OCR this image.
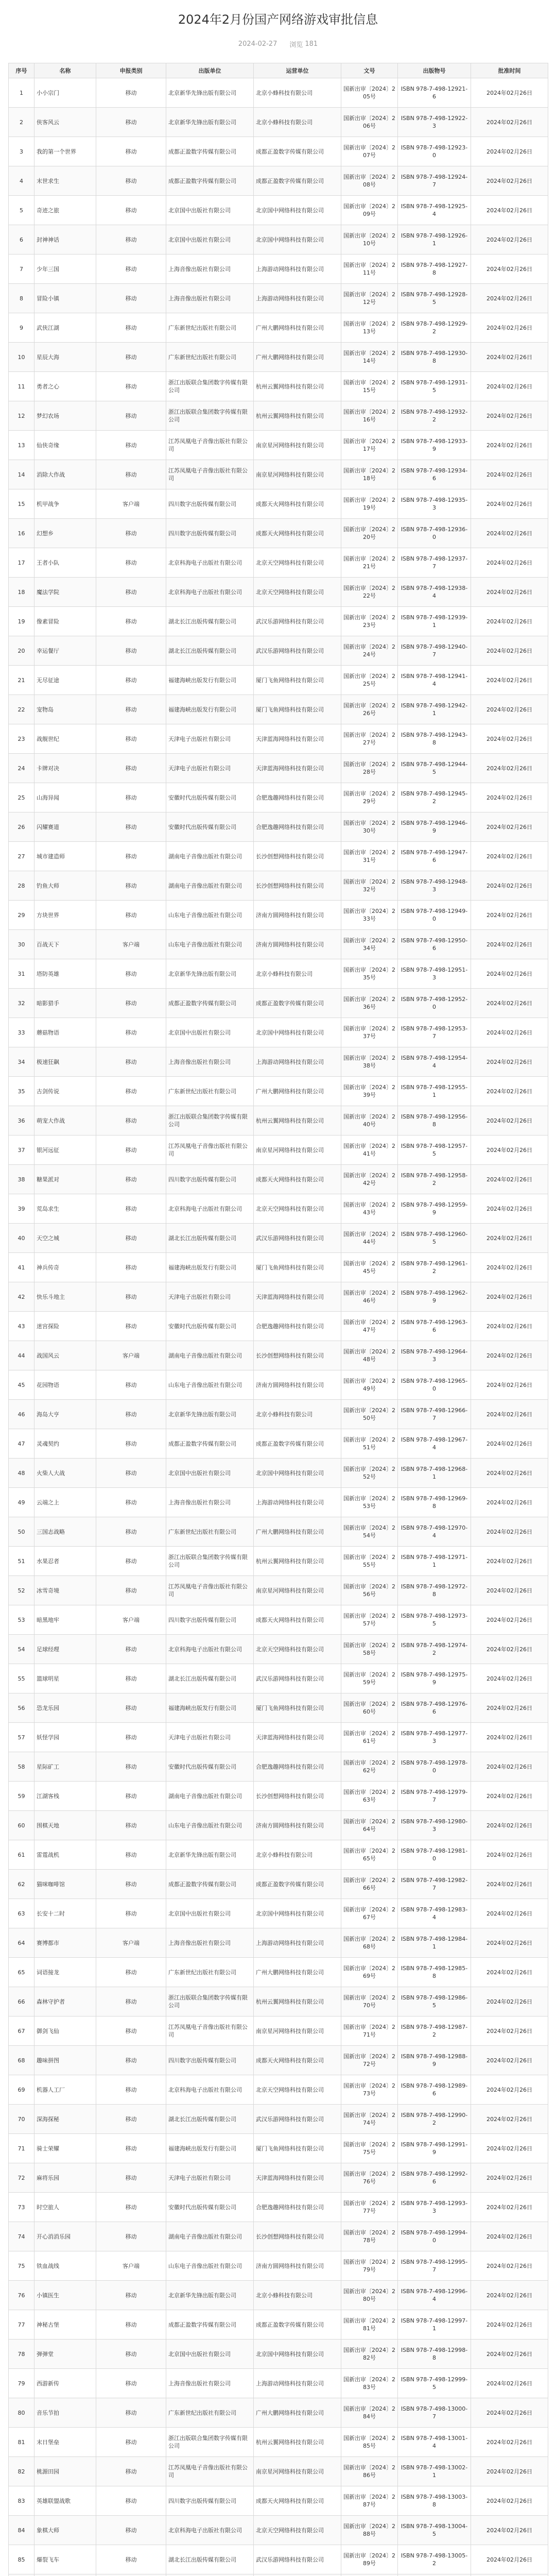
2024年2月份国产网络游戏审批信息
2024-02-27 浏览 181
序号	名称	申报类别	出版单位	运营单位	文号	出版物号	批准时间
1	小小宗门	移动	北京新华先锋出版有限公司	北京小蜂科技有限公司	国新出审〔2024〕205号	ISBN 978-7-498-12921-6	2024年02月26日
2	侠客风云	移动	北京新华先锋出版有限公司	北京小蜂科技有限公司	国新出审〔2024〕206号	ISBN 978-7-498-12922-3	2024年02月26日
3	我的第一个世界	移动	成都正盈数字传媒有限公司	成都正盈数字传媒有限公司	国新出审〔2024〕207号	ISBN 978-7-498-12923-0	2024年02月26日
4	末世求生	移动	成都正盈数字传媒有限公司	成都正盈数字传媒有限公司	国新出审〔2024〕208号	ISBN 978-7-498-12924-7	2024年02月26日
5	奇迹之旅	移动	北京国中出版社有限公司	北京国中网络科技有限公司	国新出审〔2024〕209号	ISBN 978-7-498-12925-4	2024年02月26日
6	封神神话	移动	北京国中出版社有限公司	北京国中网络科技有限公司	国新出审〔2024〕210号	ISBN 978-7-498-12926-1	2024年02月26日
7	少年三国	移动	上海音像出版社有限公司	上海游动网络科技有限公司	国新出审〔2024〕211号	ISBN 978-7-498-12927-8	2024年02月26日
8	冒险小镇	移动	上海音像出版社有限公司	上海游动网络科技有限公司	国新出审〔2024〕212号	ISBN 978-7-498-12928-5	2024年02月26日
9	武侠江湖	移动	广东新世纪出版社有限公司	广州大鹏网络科技有限公司	国新出审〔2024〕213号	ISBN 978-7-498-12929-2	2024年02月26日
10	星辰大海	移动	广东新世纪出版社有限公司	广州大鹏网络科技有限公司	国新出审〔2024〕214号	ISBN 978-7-498-12930-8	2024年02月26日
11	勇者之心	移动	浙江出版联合集团数字传媒有限公司	杭州云翼网络科技有限公司	国新出审〔2024〕215号	ISBN 978-7-498-12931-5	2024年02月26日
12	梦幻农场	移动	浙江出版联合集团数字传媒有限公司	杭州云翼网络科技有限公司	国新出审〔2024〕216号	ISBN 978-7-498-12932-2	2024年02月26日
13	仙侠奇缘	移动	江苏凤凰电子音像出版社有限公司	南京星河网络科技有限公司	国新出审〔2024〕217号	ISBN 978-7-498-12933-9	2024年02月26日
14	消除大作战	移动	江苏凤凰电子音像出版社有限公司	南京星河网络科技有限公司	国新出审〔2024〕218号	ISBN 978-7-498-12934-6	2024年02月26日
15	机甲战争	客户端	四川数字出版传媒有限公司	成都天火网络科技有限公司	国新出审〔2024〕219号	ISBN 978-7-498-12935-3	2024年02月26日
16	幻想乡	移动	四川数字出版传媒有限公司	成都天火网络科技有限公司	国新出审〔2024〕220号	ISBN 978-7-498-12936-0	2024年02月26日
17	王者小队	移动	北京科海电子出版社有限公司	北京天空网络科技有限公司	国新出审〔2024〕221号	ISBN 978-7-498-12937-7	2024年02月26日
18	魔法学院	移动	北京科海电子出版社有限公司	北京天空网络科技有限公司	国新出审〔2024〕222号	ISBN 978-7-498-12938-4	2024年02月26日
19	像素冒险	移动	湖北长江出版传媒有限公司	武汉乐游网络科技有限公司	国新出审〔2024〕223号	ISBN 978-7-498-12939-1	2024年02月26日
20	幸运餐厅	移动	湖北长江出版传媒有限公司	武汉乐游网络科技有限公司	国新出审〔2024〕224号	ISBN 978-7-498-12940-7	2024年02月26日
21	无尽征途	移动	福建海峡出版发行有限公司	厦门飞鱼网络科技有限公司	国新出审〔2024〕225号	ISBN 978-7-498-12941-4	2024年02月26日
22	宠物岛	移动	福建海峡出版发行有限公司	厦门飞鱼网络科技有限公司	国新出审〔2024〕226号	ISBN 978-7-498-12942-1	2024年02月26日
23	战舰世纪	移动	天津电子出版社有限公司	天津蓝海网络科技有限公司	国新出审〔2024〕227号	ISBN 978-7-498-12943-8	2024年02月26日
24	卡牌对决	移动	天津电子出版社有限公司	天津蓝海网络科技有限公司	国新出审〔2024〕228号	ISBN 978-7-498-12944-5	2024年02月26日
25	山海异闻	移动	安徽时代出版传媒有限公司	合肥逸趣网络科技有限公司	国新出审〔2024〕229号	ISBN 978-7-498-12945-2	2024年02月26日
26	闪耀赛道	移动	安徽时代出版传媒有限公司	合肥逸趣网络科技有限公司	国新出审〔2024〕230号	ISBN 978-7-498-12946-9	2024年02月26日
27	城市建造师	移动	湖南电子音像出版社有限公司	长沙创想网络科技有限公司	国新出审〔2024〕231号	ISBN 978-7-498-12947-6	2024年02月26日
28	钓鱼大师	移动	湖南电子音像出版社有限公司	长沙创想网络科技有限公司	国新出审〔2024〕232号	ISBN 978-7-498-12948-3	2024年02月26日
29	方块世界	移动	山东电子音像出版社有限公司	济南方圆网络科技有限公司	国新出审〔2024〕233号	ISBN 978-7-498-12949-0	2024年02月26日
30	百战天下	客户端	山东电子音像出版社有限公司	济南方圆网络科技有限公司	国新出审〔2024〕234号	ISBN 978-7-498-12950-6	2024年02月26日
31	塔防英雄	移动	北京新华先锋出版有限公司	北京小蜂科技有限公司	国新出审〔2024〕235号	ISBN 978-7-498-12951-3	2024年02月26日
32	暗影猎手	移动	成都正盈数字传媒有限公司	成都正盈数字传媒有限公司	国新出审〔2024〕236号	ISBN 978-7-498-12952-0	2024年02月26日
33	蘑菇物语	移动	北京国中出版社有限公司	北京国中网络科技有限公司	国新出审〔2024〕237号	ISBN 978-7-498-12953-7	2024年02月26日
34	极速狂飙	移动	上海音像出版社有限公司	上海游动网络科技有限公司	国新出审〔2024〕238号	ISBN 978-7-498-12954-4	2024年02月26日
35	古剑传说	移动	广东新世纪出版社有限公司	广州大鹏网络科技有限公司	国新出审〔2024〕239号	ISBN 978-7-498-12955-1	2024年02月26日
36	萌宠大作战	移动	浙江出版联合集团数字传媒有限公司	杭州云翼网络科技有限公司	国新出审〔2024〕240号	ISBN 978-7-498-12956-8	2024年02月26日
37	银河远征	移动	江苏凤凰电子音像出版社有限公司	南京星河网络科技有限公司	国新出审〔2024〕241号	ISBN 978-7-498-12957-5	2024年02月26日
38	糖果派对	移动	四川数字出版传媒有限公司	成都天火网络科技有限公司	国新出审〔2024〕242号	ISBN 978-7-498-12958-2	2024年02月26日
39	荒岛求生	移动	北京科海电子出版社有限公司	北京天空网络科技有限公司	国新出审〔2024〕243号	ISBN 978-7-498-12959-9	2024年02月26日
40	天空之城	移动	湖北长江出版传媒有限公司	武汉乐游网络科技有限公司	国新出审〔2024〕244号	ISBN 978-7-498-12960-5	2024年02月26日
41	神兵传奇	移动	福建海峡出版发行有限公司	厦门飞鱼网络科技有限公司	国新出审〔2024〕245号	ISBN 978-7-498-12961-2	2024年02月26日
42	快乐斗地主	移动	天津电子出版社有限公司	天津蓝海网络科技有限公司	国新出审〔2024〕246号	ISBN 978-7-498-12962-9	2024年02月26日
43	迷宫探险	移动	安徽时代出版传媒有限公司	合肥逸趣网络科技有限公司	国新出审〔2024〕247号	ISBN 978-7-498-12963-6	2024年02月26日
44	战国风云	客户端	湖南电子音像出版社有限公司	长沙创想网络科技有限公司	国新出审〔2024〕248号	ISBN 978-7-498-12964-3	2024年02月26日
45	花园物语	移动	山东电子音像出版社有限公司	济南方圆网络科技有限公司	国新出审〔2024〕249号	ISBN 978-7-498-12965-0	2024年02月26日
46	海岛大亨	移动	北京新华先锋出版有限公司	北京小蜂科技有限公司	国新出审〔2024〕250号	ISBN 978-7-498-12966-7	2024年02月26日
47	灵魂契约	移动	成都正盈数字传媒有限公司	成都正盈数字传媒有限公司	国新出审〔2024〕251号	ISBN 978-7-498-12967-4	2024年02月26日
48	火柴人大战	移动	北京国中出版社有限公司	北京国中网络科技有限公司	国新出审〔2024〕252号	ISBN 978-7-498-12968-1	2024年02月26日
49	云端之上	移动	上海音像出版社有限公司	上海游动网络科技有限公司	国新出审〔2024〕253号	ISBN 978-7-498-12969-8	2024年02月26日
50	三国志战略	移动	广东新世纪出版社有限公司	广州大鹏网络科技有限公司	国新出审〔2024〕254号	ISBN 978-7-498-12970-4	2024年02月26日
51	水果忍者	移动	浙江出版联合集团数字传媒有限公司	杭州云翼网络科技有限公司	国新出审〔2024〕255号	ISBN 978-7-498-12971-1	2024年02月26日
52	冰雪奇境	移动	江苏凤凰电子音像出版社有限公司	南京星河网络科技有限公司	国新出审〔2024〕256号	ISBN 978-7-498-12972-8	2024年02月26日
53	暗黑地牢	客户端	四川数字出版传媒有限公司	成都天火网络科技有限公司	国新出审〔2024〕257号	ISBN 978-7-498-12973-5	2024年02月26日
54	足球经理	移动	北京科海电子出版社有限公司	北京天空网络科技有限公司	国新出审〔2024〕258号	ISBN 978-7-498-12974-2	2024年02月26日
55	篮球明星	移动	湖北长江出版传媒有限公司	武汉乐游网络科技有限公司	国新出审〔2024〕259号	ISBN 978-7-498-12975-9	2024年02月26日
56	恐龙乐园	移动	福建海峡出版发行有限公司	厦门飞鱼网络科技有限公司	国新出审〔2024〕260号	ISBN 978-7-498-12976-6	2024年02月26日
57	妖怪学园	移动	天津电子出版社有限公司	天津蓝海网络科技有限公司	国新出审〔2024〕261号	ISBN 978-7-498-12977-3	2024年02月26日
58	星际矿工	移动	安徽时代出版传媒有限公司	合肥逸趣网络科技有限公司	国新出审〔2024〕262号	ISBN 978-7-498-12978-0	2024年02月26日
59	江湖客栈	移动	湖南电子音像出版社有限公司	长沙创想网络科技有限公司	国新出审〔2024〕263号	ISBN 978-7-498-12979-7	2024年02月26日
60	围棋天地	移动	山东电子音像出版社有限公司	济南方圆网络科技有限公司	国新出审〔2024〕264号	ISBN 978-7-498-12980-3	2024年02月26日
61	雷霆战机	移动	北京新华先锋出版有限公司	北京小蜂科技有限公司	国新出审〔2024〕265号	ISBN 978-7-498-12981-0	2024年02月26日
62	猫咪咖啡馆	移动	成都正盈数字传媒有限公司	成都正盈数字传媒有限公司	国新出审〔2024〕266号	ISBN 978-7-498-12982-7	2024年02月26日
63	长安十二时	移动	北京国中出版社有限公司	北京国中网络科技有限公司	国新出审〔2024〕267号	ISBN 978-7-498-12983-4	2024年02月26日
64	赛博都市	客户端	上海音像出版社有限公司	上海游动网络科技有限公司	国新出审〔2024〕268号	ISBN 978-7-498-12984-1	2024年02月26日
65	词语接龙	移动	广东新世纪出版社有限公司	广州大鹏网络科技有限公司	国新出审〔2024〕269号	ISBN 978-7-498-12985-8	2024年02月26日
66	森林守护者	移动	浙江出版联合集团数字传媒有限公司	杭州云翼网络科技有限公司	国新出审〔2024〕270号	ISBN 978-7-498-12986-5	2024年02月26日
67	御剑飞仙	移动	江苏凤凰电子音像出版社有限公司	南京星河网络科技有限公司	国新出审〔2024〕271号	ISBN 978-7-498-12987-2	2024年02月26日
68	趣味拼图	移动	四川数字出版传媒有限公司	成都天火网络科技有限公司	国新出审〔2024〕272号	ISBN 978-7-498-12988-9	2024年02月26日
69	机器人工厂	移动	北京科海电子出版社有限公司	北京天空网络科技有限公司	国新出审〔2024〕273号	ISBN 978-7-498-12989-6	2024年02月26日
70	深海探秘	移动	湖北长江出版传媒有限公司	武汉乐游网络科技有限公司	国新出审〔2024〕274号	ISBN 978-7-498-12990-2	2024年02月26日
71	骑士荣耀	移动	福建海峡出版发行有限公司	厦门飞鱼网络科技有限公司	国新出审〔2024〕275号	ISBN 978-7-498-12991-9	2024年02月26日
72	麻将乐园	移动	天津电子出版社有限公司	天津蓝海网络科技有限公司	国新出审〔2024〕276号	ISBN 978-7-498-12992-6	2024年02月26日
73	时空旅人	移动	安徽时代出版传媒有限公司	合肥逸趣网络科技有限公司	国新出审〔2024〕277号	ISBN 978-7-498-12993-3	2024年02月26日
74	开心消消乐园	移动	湖南电子音像出版社有限公司	长沙创想网络科技有限公司	国新出审〔2024〕278号	ISBN 978-7-498-12994-0	2024年02月26日
75	铁血战线	客户端	山东电子音像出版社有限公司	济南方圆网络科技有限公司	国新出审〔2024〕279号	ISBN 978-7-498-12995-7	2024年02月26日
76	小镇医生	移动	北京新华先锋出版有限公司	北京小蜂科技有限公司	国新出审〔2024〕280号	ISBN 978-7-498-12996-4	2024年02月26日
77	神秘古堡	移动	成都正盈数字传媒有限公司	成都正盈数字传媒有限公司	国新出审〔2024〕281号	ISBN 978-7-498-12997-1	2024年02月26日
78	弹弹堂	移动	北京国中出版社有限公司	北京国中网络科技有限公司	国新出审〔2024〕282号	ISBN 978-7-498-12998-8	2024年02月26日
79	西游新传	移动	上海音像出版社有限公司	上海游动网络科技有限公司	国新出审〔2024〕283号	ISBN 978-7-498-12999-5	2024年02月26日
80	音乐节拍	移动	广东新世纪出版社有限公司	广州大鹏网络科技有限公司	国新出审〔2024〕284号	ISBN 978-7-498-13000-7	2024年02月26日
81	末日堡垒	移动	浙江出版联合集团数字传媒有限公司	杭州云翼网络科技有限公司	国新出审〔2024〕285号	ISBN 978-7-498-13001-4	2024年02月26日
82	桃源田园	移动	江苏凤凰电子音像出版社有限公司	南京星河网络科技有限公司	国新出审〔2024〕286号	ISBN 978-7-498-13002-1	2024年02月26日
83	英雄联盟战歌	移动	四川数字出版传媒有限公司	成都天火网络科技有限公司	国新出审〔2024〕287号	ISBN 978-7-498-13003-8	2024年02月26日
84	象棋大师	移动	北京科海电子出版社有限公司	北京天空网络科技有限公司	国新出审〔2024〕288号	ISBN 978-7-498-13004-5	2024年02月26日
85	爆裂飞车	移动	湖北长江出版传媒有限公司	武汉乐游网络科技有限公司	国新出审〔2024〕289号	ISBN 978-7-498-13005-2	2024年02月26日
